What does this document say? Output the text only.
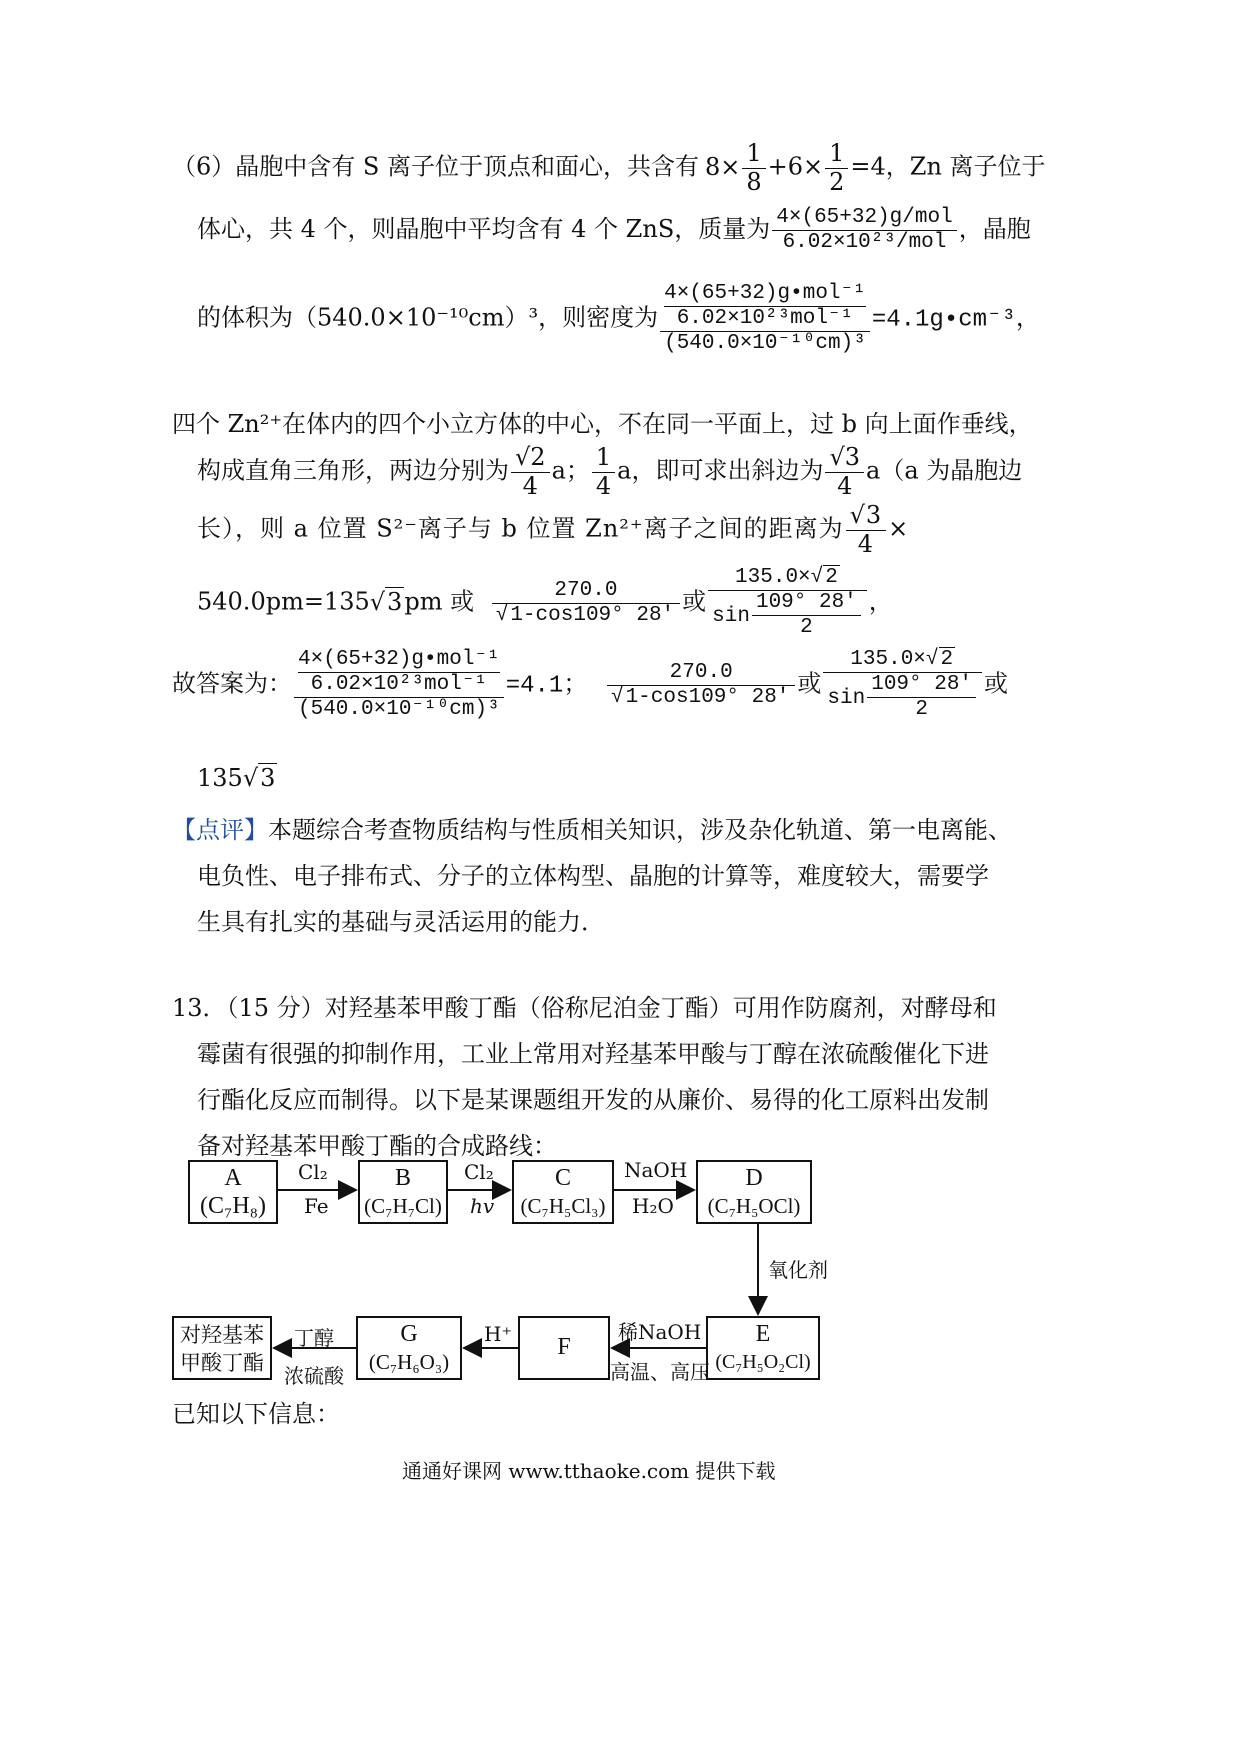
（6）晶胞中含有 S 离子位于顶点和面心，共含有 $8\times \frac{1}{8} +6\times \frac{1}{2} =4$，Zn 离子位于
体心，共 4 个，则晶胞中平均含有 4 个 ZnS，质量为 $\frac{\text{4×(65+32)g/mol}}{\text{6.02×10²³/mol}}$ ，晶胞
的体积为（540.0×10⁻¹⁰cm）³，则密度为 4×(65+32)g•mol⁻¹
6.02×10²³mol⁻¹
(540.0×10⁻¹⁰cm)³ =4.1g•cm⁻³，
四个 Zn²⁺在体内的四个小立方体的中心，不在同一平面上，过 b 向上面作垂线，
构成直角三角形，两边分别为 $\frac{√2}{4}$ a； $\frac{1}{4}$ a，即可求出斜边为 $\frac{√3}{4} a(a$ 为晶胞边
长），则 a 位置 S²⁻离子与 b 位置 Zn²⁺离子之间的距离为 $\frac{√3}{4}$ ×
540.0pm=135√3pm 或 $\frac{270.0}{√1-\cos 109^\circ 28'}$ 或 $\frac{135.0\times√2}{\sin \frac{109^\circ 28'}{2}}$ ，
故答案为： 4×(65+32)g•mol⁻¹
6.02×10²³mol⁻¹
(540.0×10⁻¹⁰cm)³ =4.1； $\frac{270.0}{√1-\cos 109^\circ 28'}$ 或 $\frac{135.0\times√2}{\sin \frac{109^\circ 28'}{2}}$ 或
135√3
【点评】本题综合考查物质结构与性质相关知识，涉及杂化轨道、第一电离能、
电负性、电子排布式、分子的立体构型、晶胞的计算等，难度较大，需要学
生具有扎实的基础与灵活运用的能力．
13．（15 分）对羟基苯甲酸丁酯（俗称尼泊金丁酯）可用作防腐剂，对酵母和
霉菌有很强的抑制作用，工业上常用对羟基苯甲酸与丁醇在浓硫酸催化下进
行酯化反应而制得。以下是某课题组开发的从廉价、易得的化工原料出发制
备对羟基苯甲酸丁酯的合成路线：
A
(C₇H₈)
B
(C₇H₇Cl)
C
(C₇H₅Cl₃)
D
(C₇H₅OCl)
E
(C₇H₅O₂Cl)
F
G
(C₇H₆O₃)
对羟基苯
甲酸丁酯
Cl₂
Fe
Cl₂
hv
NaOH
H₂O
氧化剂
稀NaOH
高温、高压
H⁺
丁醇
浓硫酸
已知以下信息：
通通好课网 www.tthaoke.com 提供下载
